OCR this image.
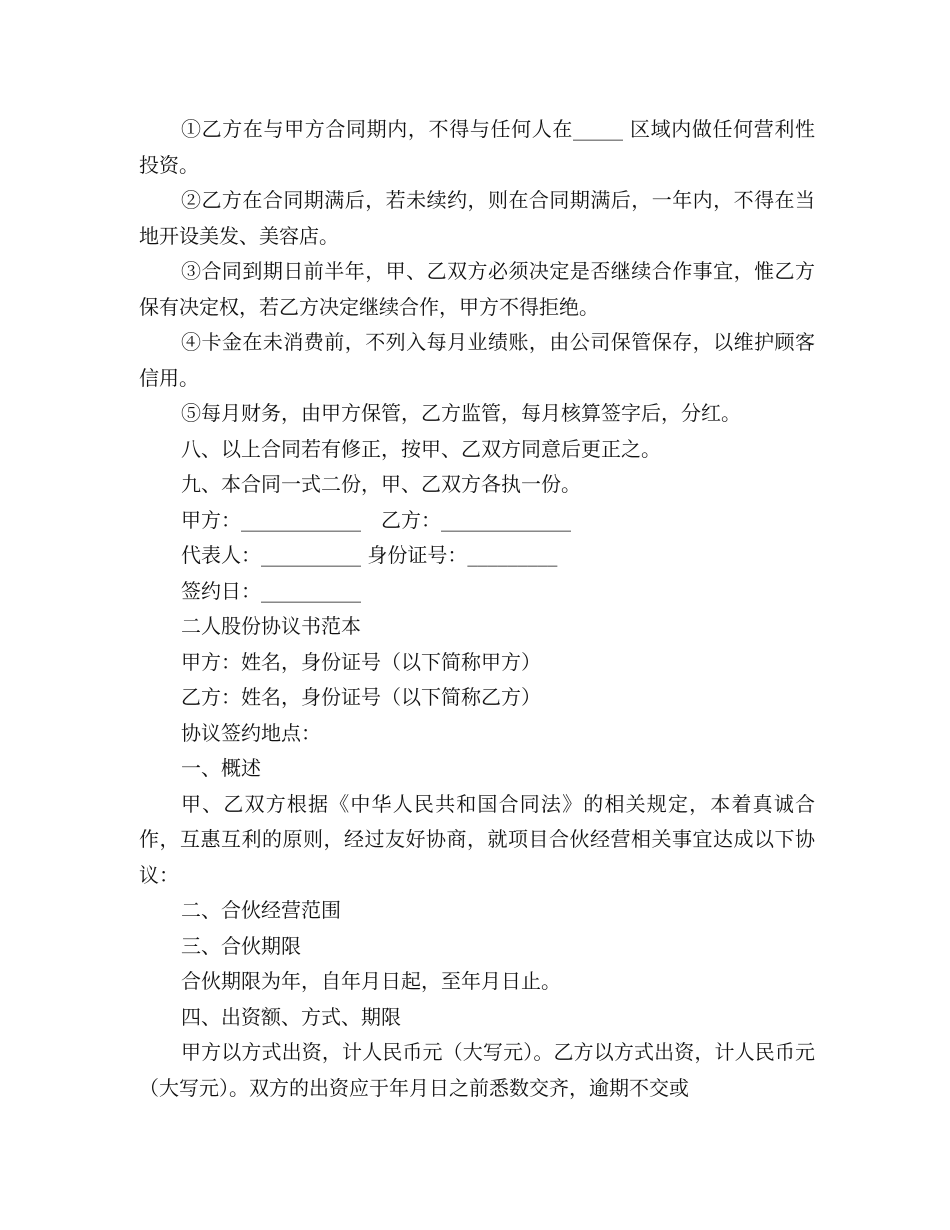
①乙方在与甲方合同期内，不得与任何人在_____ 区域内做任何营利性投资。

②乙方在合同期满后，若未续约，则在合同期满后，一年内，不得在当地开设美发、美容店。

③合同到期日前半年，甲、乙双方必须决定是否继续合作事宜，惟乙方保有决定权，若乙方决定继续合作，甲方不得拒绝。

④卡金在未消费前，不列入每月业绩账，由公司保管保存，以维护顾客信用。

⑤每月财务，由甲方保管，乙方监管，每月核算签字后，分红。

八、以上合同若有修正，按甲、乙双方同意后更正之。

九、本合同一式二份，甲、乙双方各执一份。

甲方：____________　乙方：_____________

代表人：__________ 身份证号：_________

签约日：__________

二人股份协议书范本

甲方：姓名，身份证号（以下简称甲方）

乙方：姓名，身份证号（以下简称乙方）

协议签约地点：

一、概述

甲、乙双方根据《中华人民共和国合同法》的相关规定，本着真诚合作，互惠互利的原则，经过友好协商，就项目合伙经营相关事宜达成以下协议：

二、合伙经营范围

三、合伙期限

合伙期限为年，自年月日起，至年月日止。

四、出资额、方式、期限

甲方以方式出资，计人民币元（大写元）。乙方以方式出资，计人民币元（大写元）。双方的出资应于年月日之前悉数交齐，逾期不交或
